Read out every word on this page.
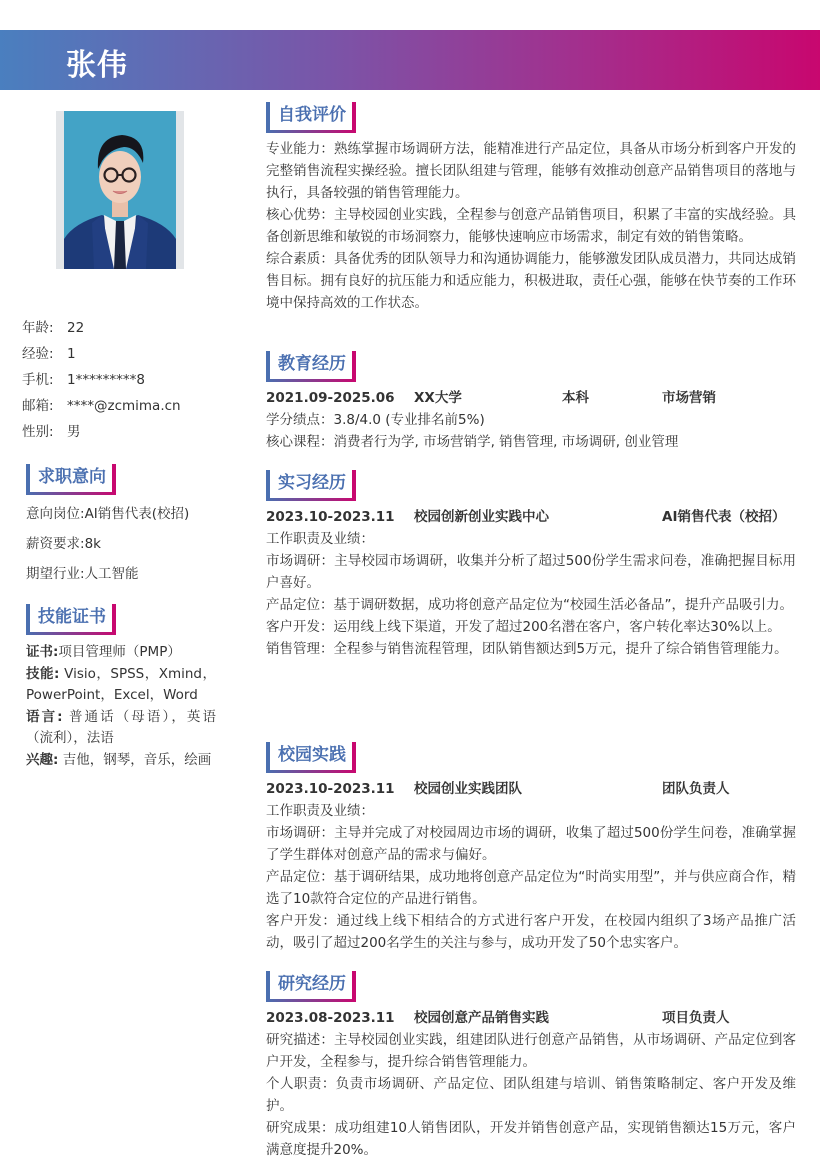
张伟
年龄: 22
经验: 1
手机: 1*********8
邮箱: ****@zcmima.cn
性别: 男
求职意向
意向岗位:AI销售代表(校招)
薪资要求:8k
期望行业:人工智能
技能证书

证书:项目管理师（PMP）

技能: Visio，SPSS，Xmind，PowerPoint，Excel，Word

语言: 普通话（母语），英语（流利），法语

兴趣: 吉他，钢琴，音乐，绘画

自我评价

专业能力：熟练掌握市场调研方法，能精准进行产品定位，具备从市场分析到客户开发的完整销售流程实操经验。擅长团队组建与管理，能够有效推动创意产品销售项目的落地与执行，具备较强的销售管理能力。

核心优势：主导校园创业实践，全程参与创意产品销售项目，积累了丰富的实战经验。具备创新思维和敏锐的市场洞察力，能够快速响应市场需求，制定有效的销售策略。

综合素质：具备优秀的团队领导力和沟通协调能力，能够激发团队成员潜力，共同达成销售目标。拥有良好的抗压能力和适应能力，积极进取，责任心强，能够在快节奏的工作环境中保持高效的工作状态。

教育经历
2021.09-2025.06	XX大学	本科	市场营销

学分绩点：3.8/4.0 (专业排名前5%)

核心课程：消费者行为学, 市场营销学, 销售管理, 市场调研, 创业管理

实习经历
2023.10-2023.11	校园创新创业实践中心	AI销售代表（校招）

工作职责及业绩：

市场调研：主导校园市场调研，收集并分析了超过500份学生需求问卷，准确把握目标用户喜好。

产品定位：基于调研数据，成功将创意产品定位为“校园生活必备品”，提升产品吸引力。

客户开发：运用线上线下渠道，开发了超过200名潜在客户，客户转化率达30%以上。

销售管理：全程参与销售流程管理，团队销售额达到5万元，提升了综合销售管理能力。

校园实践
2023.10-2023.11	校园创业实践团队	团队负责人

工作职责及业绩：

市场调研：主导并完成了对校园周边市场的调研，收集了超过500份学生问卷，准确掌握了学生群体对创意产品的需求与偏好。

产品定位：基于调研结果，成功地将创意产品定位为“时尚实用型”，并与供应商合作，精选了10款符合定位的产品进行销售。

客户开发：通过线上线下相结合的方式进行客户开发，在校园内组织了3场产品推广活动，吸引了超过200名学生的关注与参与，成功开发了50个忠实客户。

研究经历
2023.08-2023.11	校园创意产品销售实践	项目负责人

研究描述：主导校园创业实践，组建团队进行创意产品销售，从市场调研、产品定位到客户开发，全程参与，提升综合销售管理能力。

个人职责：负责市场调研、产品定位、团队组建与培训、销售策略制定、客户开发及维护。

研究成果：成功组建10人销售团队，开发并销售创意产品，实现销售额达15万元，客户满意度提升20%。
